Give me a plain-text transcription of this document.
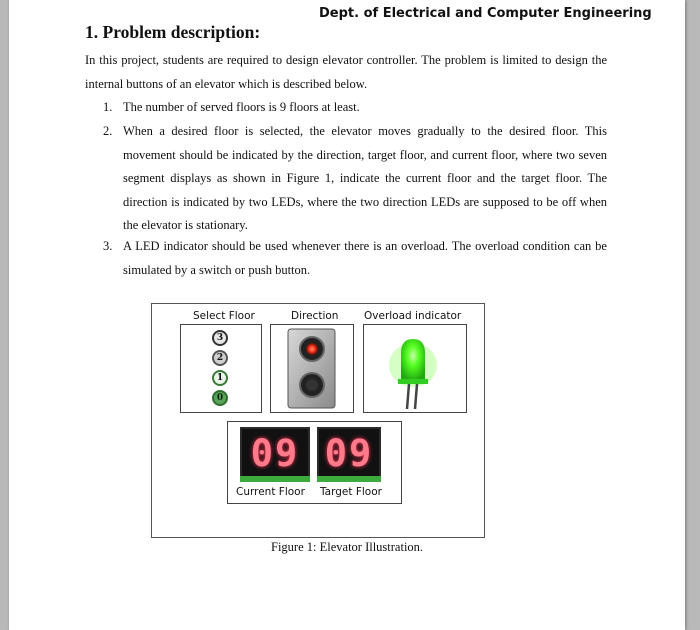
Dept. of Electrical and Computer Engineering
1. Problem description:
In this project, students are required to design elevator controller. The problem is limited to design the internal buttons of an elevator which is described below.
1. The number of served floors is 9 floors at least.
2. When a desired floor is selected, the elevator moves gradually to the desired floor. This movement should be indicated by the direction, target floor, and current floor, where two seven segment displays as shown in Figure 1, indicate the current floor and the target floor. The direction is indicated by two LEDs, where the two direction LEDs are supposed to be off when the elevator is stationary.
3. A LED indicator should be used whenever there is an overload. The overload condition can be simulated by a switch or push button.
Select Floor	Direction Overload indicator
3
2
1
0
09 09
Current Floor Target Floor
Figure 1: Elevator Illustration.
